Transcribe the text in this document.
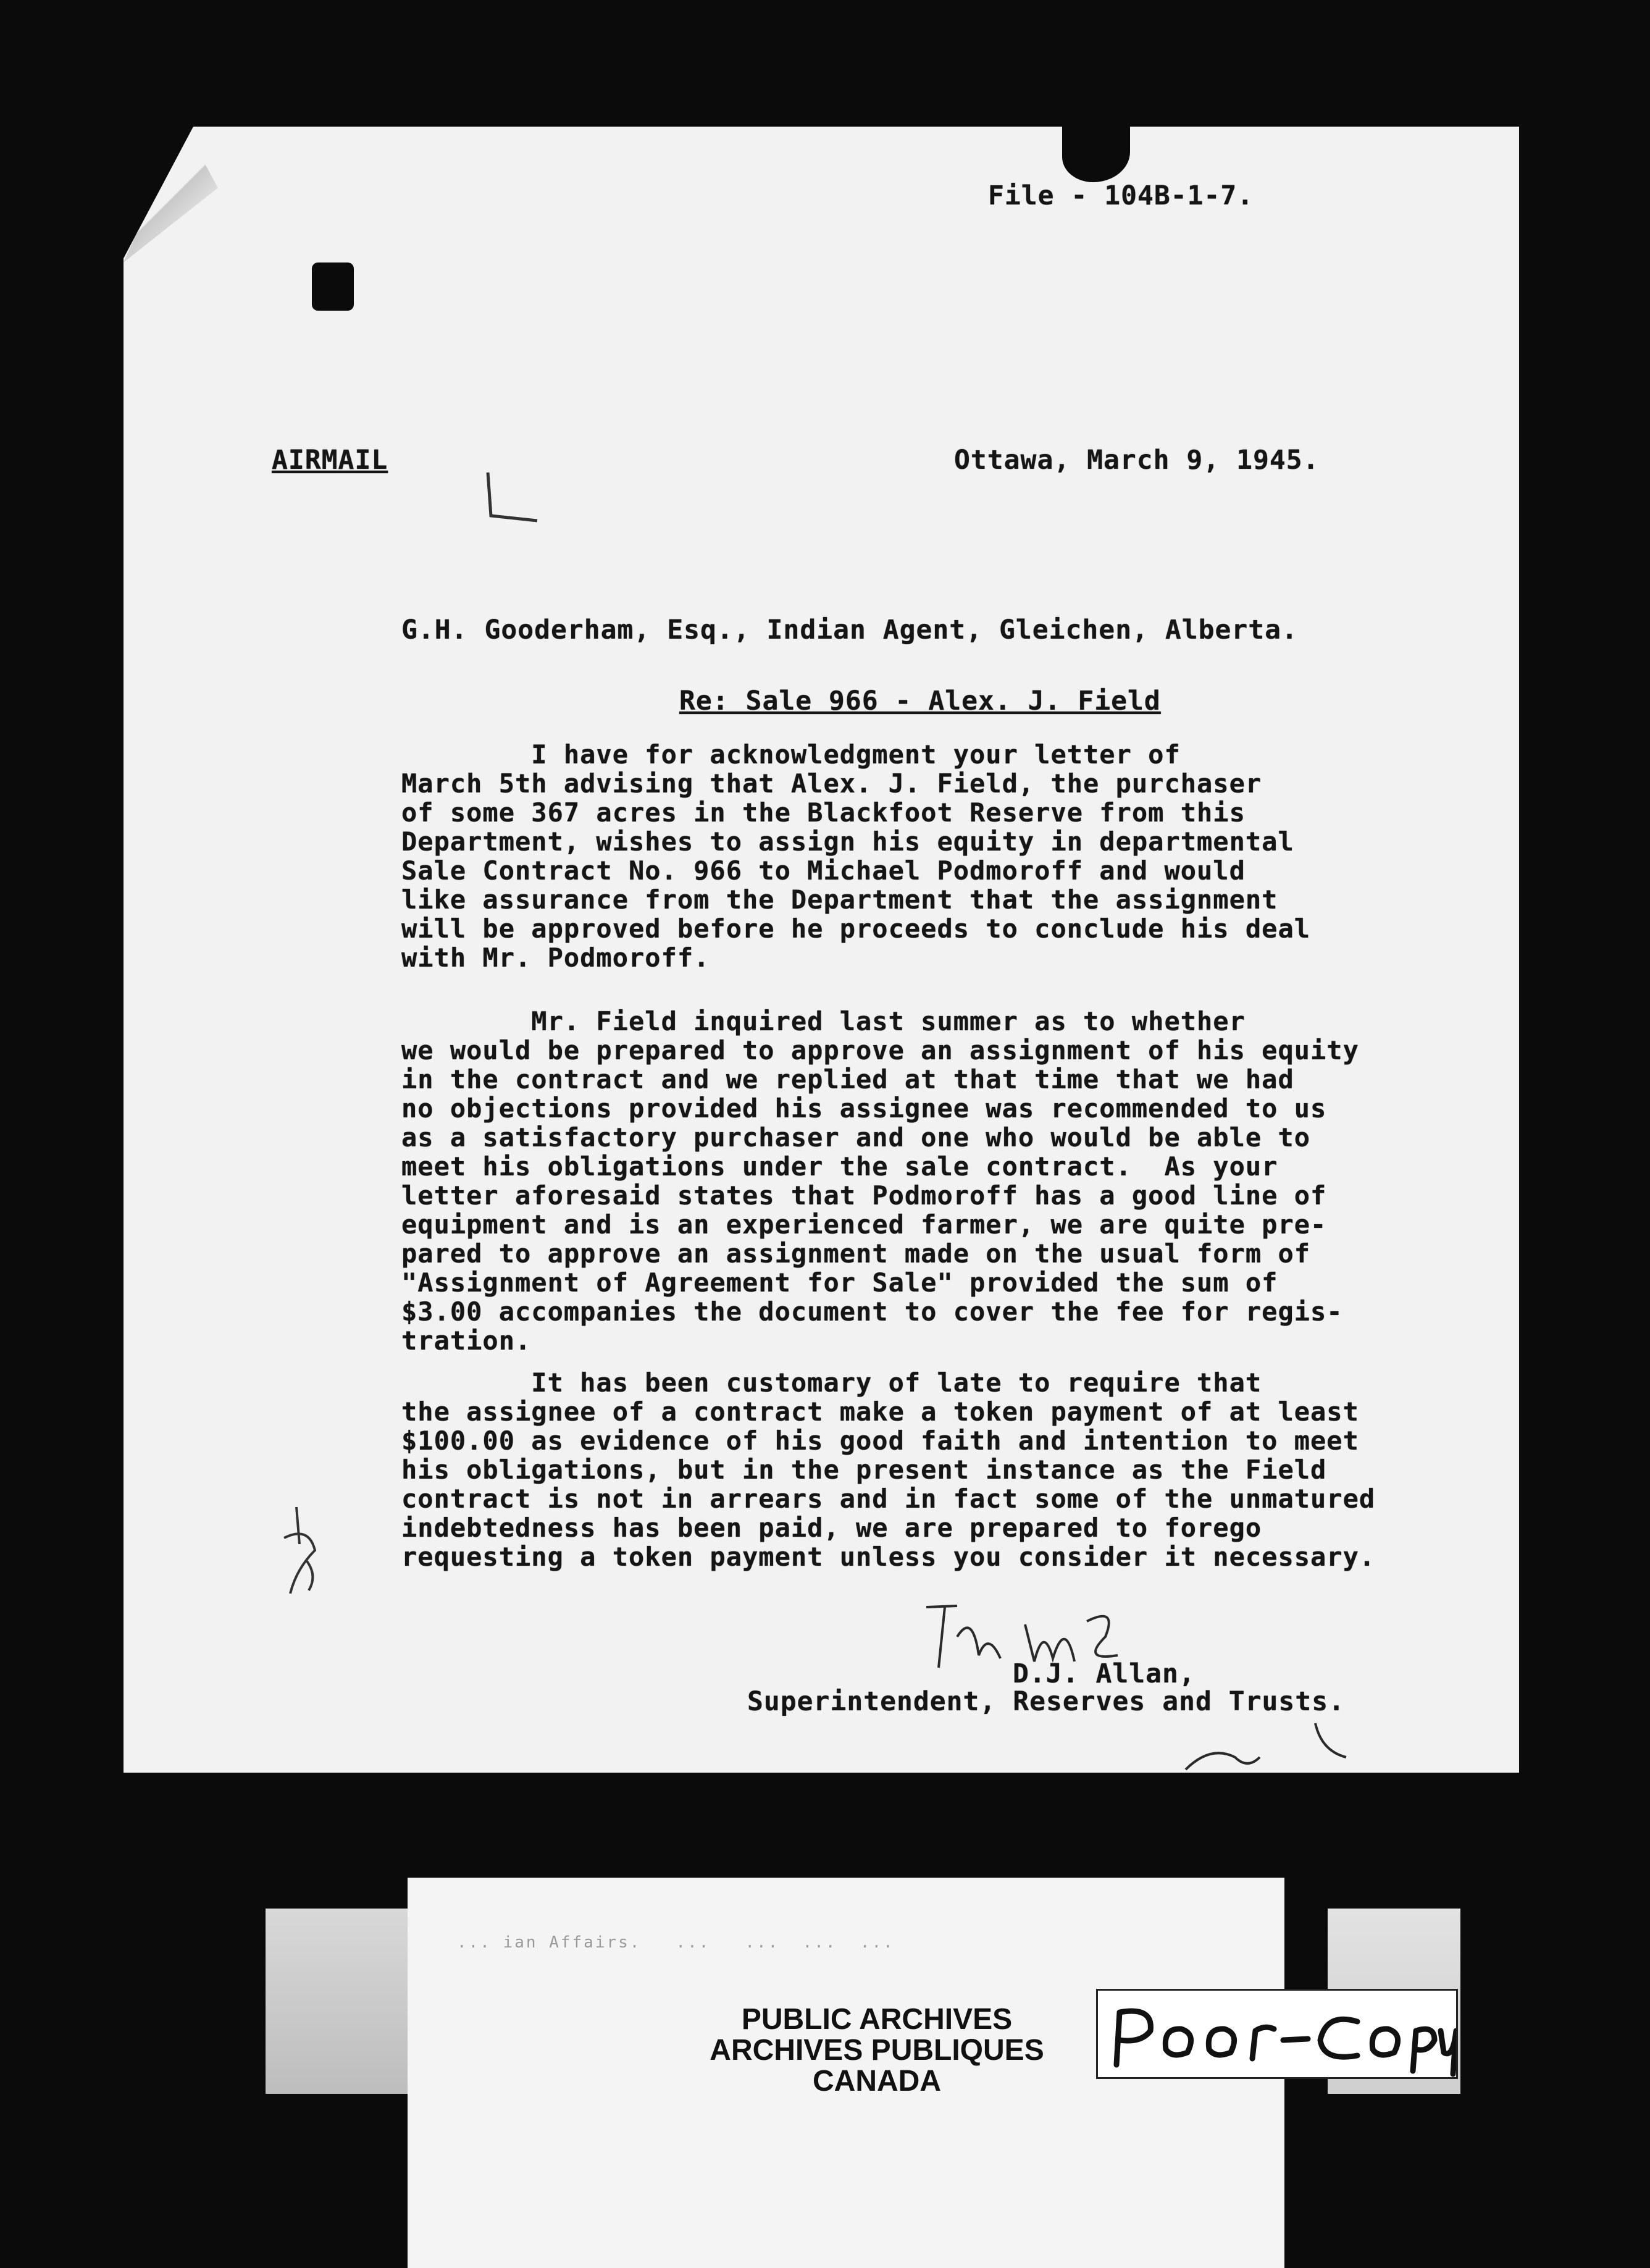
File - 104B-1-7.
AIRMAIL	Ottawa, March 9, 1945.
G.H. Gooderham, Esq., Indian Agent, Gleichen, Alberta.
Re: Sale 966 - Alex. J. Field
I have for acknowledgment your letter of
March 5th advising that Alex. J. Field, the purchaser
of some 367 acres in the Blackfoot Reserve from this
Department, wishes to assign his equity in departmental
Sale Contract No. 966 to Michael Podmoroff and would
like assurance from the Department that the assignment
will be approved before he proceeds to conclude his deal
with Mr. Podmoroff.
Mr. Field inquired last summer as to whether
we would be prepared to approve an assignment of his equity
in the contract and we replied at that time that we had
no objections provided his assignee was recommended to us
as a satisfactory purchaser and one who would be able to
meet his obligations under the sale contract.  As your
letter aforesaid states that Podmoroff has a good line of
equipment and is an experienced farmer, we are quite pre-
pared to approve an assignment made on the usual form of
"Assignment of Agreement for Sale" provided the sum of
$3.00 accompanies the document to cover the fee for regis-
tration.
It has been customary of late to require that
the assignee of a contract make a token payment of at least
$100.00 as evidence of his good faith and intention to meet
his obligations, but in the present instance as the Field
contract is not in arrears and in fact some of the unmatured
indebtedness has been paid, we are prepared to forego
requesting a token payment unless you consider it necessary.
D.J. Allan,
Superintendent, Reserves and Trusts.
... ian Affairs.   ...   ...  ...  ...
PUBLIC ARCHIVES
ARCHIVES PUBLIQUES
CANADA
